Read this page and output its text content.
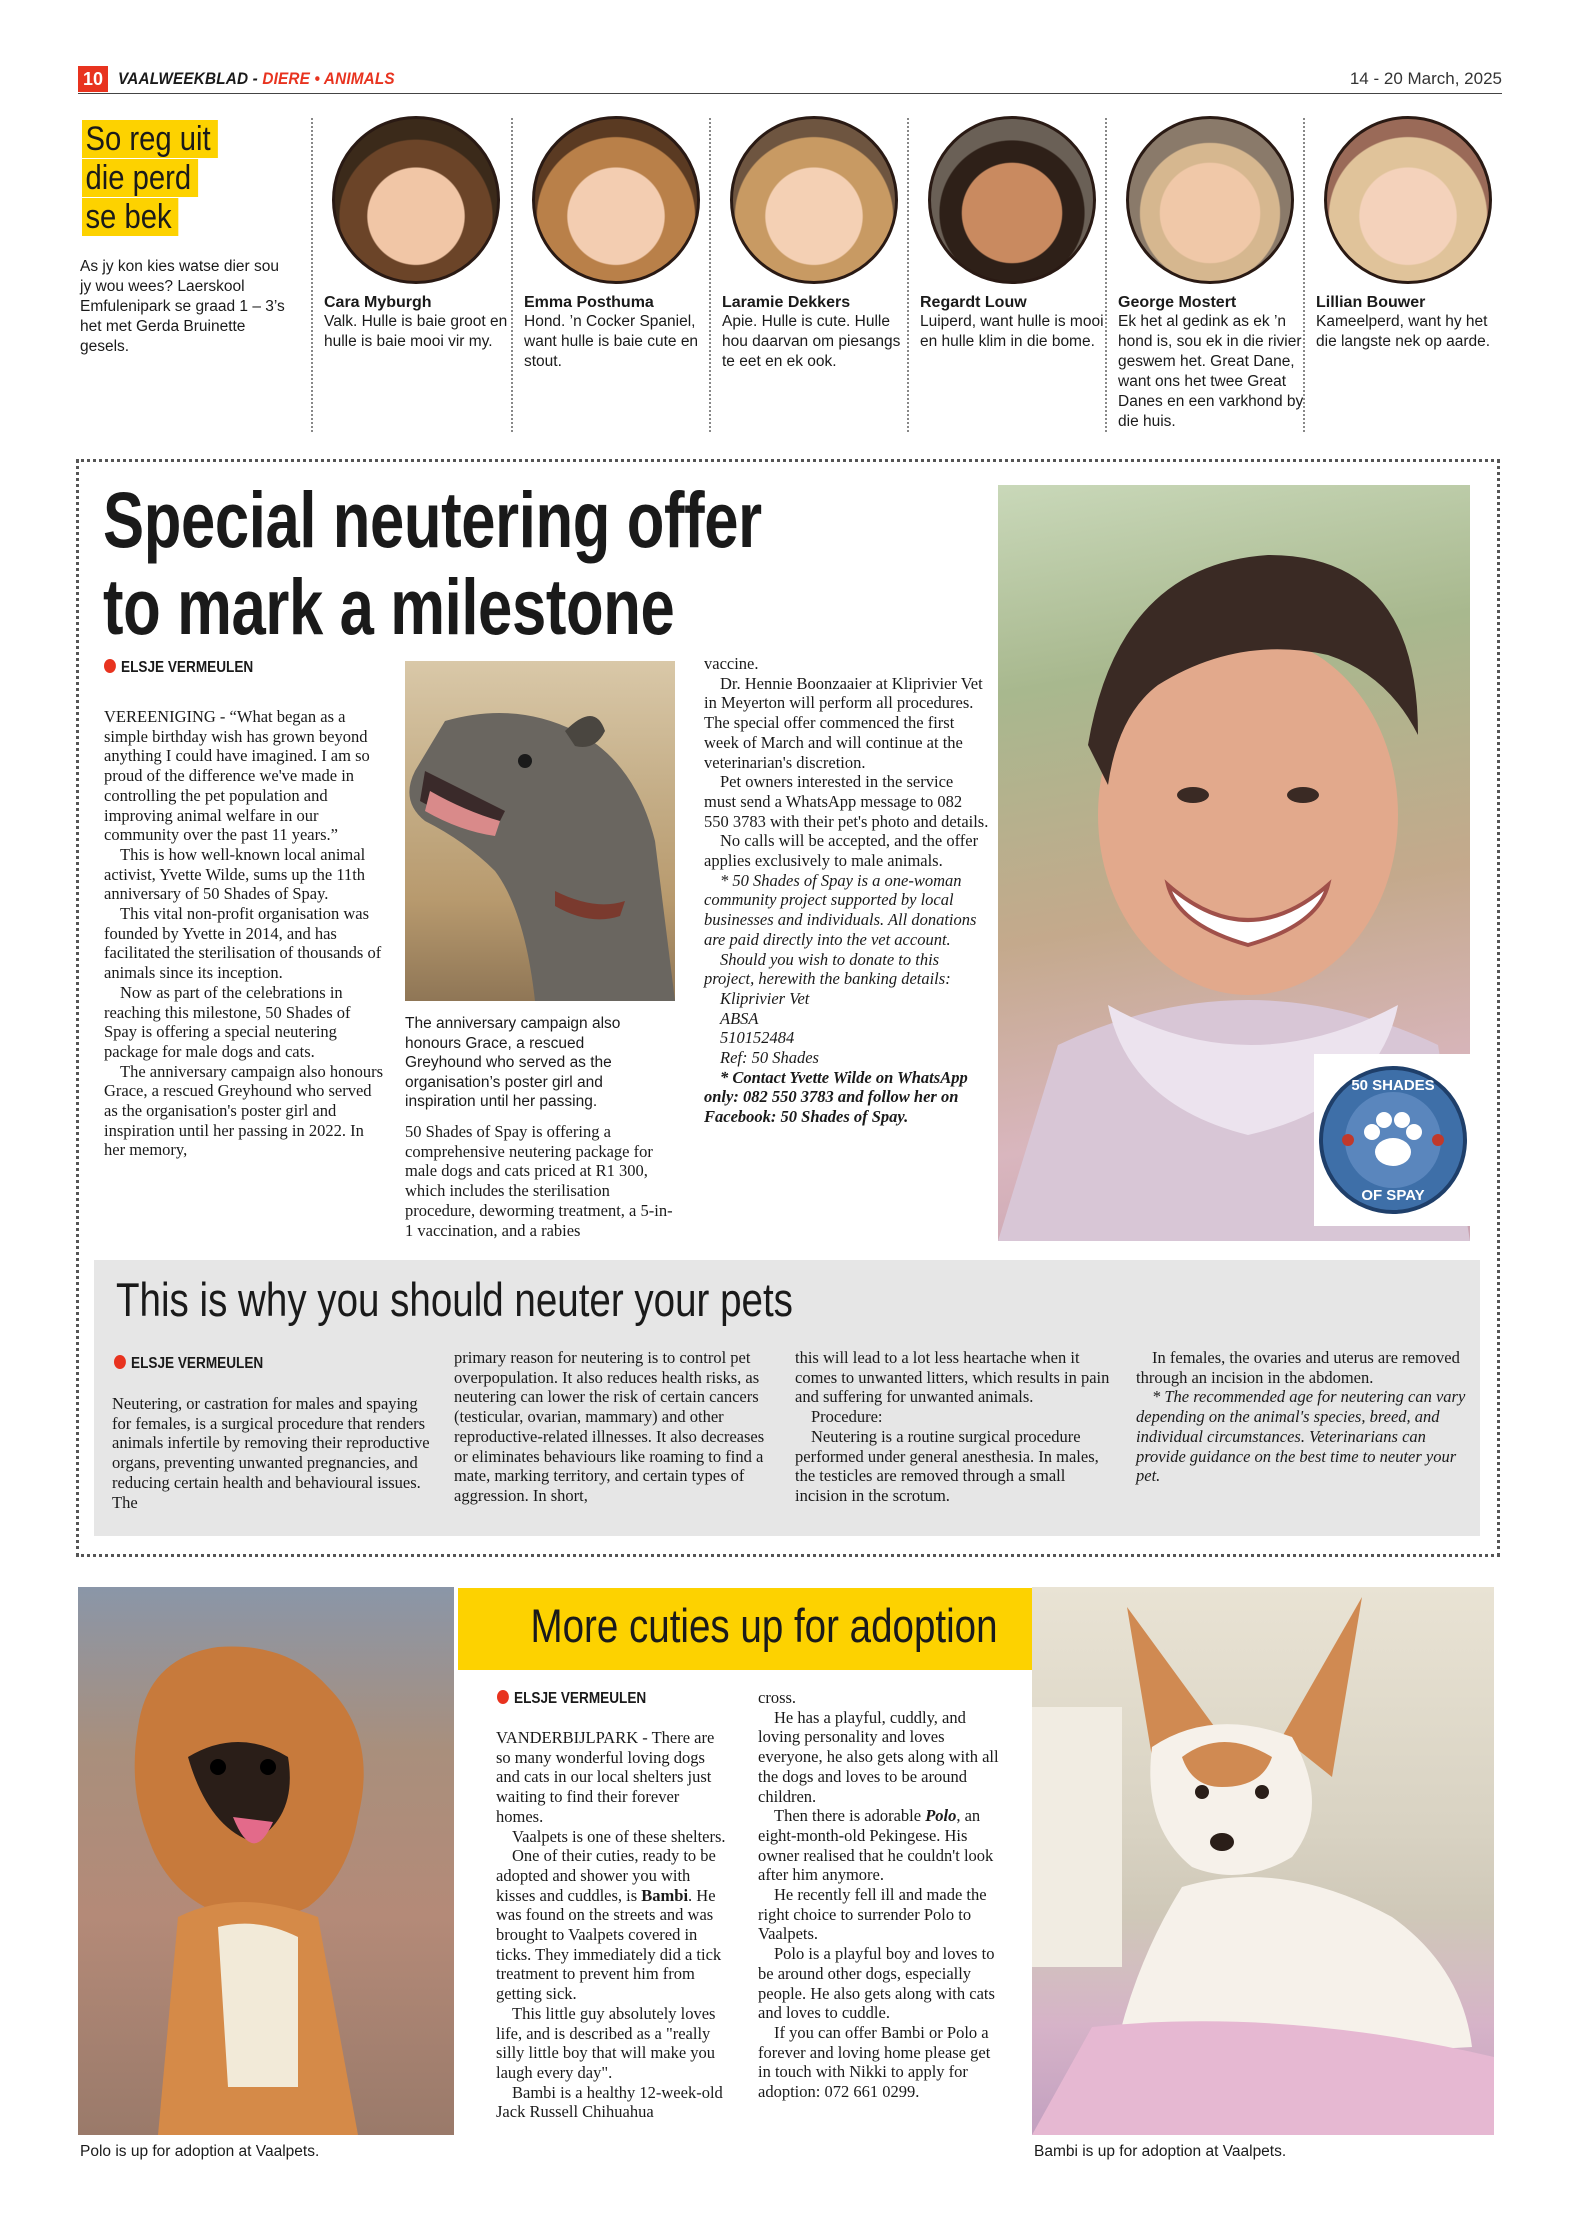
10 VAALWEEKBLAD - DIERE • ANIMALS	14 - 20 March, 2025
So reg uit
die perd
se bek
As jy kon kies watse dier sou jy wou wees? Laerskool Emfulenipark se graad 1 – 3’s het met Gerda Bruinette gesels.
Cara Myburgh
Valk. Hulle is baie groot en hulle is baie mooi vir my.
Emma Posthuma
Hond. ’n Cocker Spaniel, want hulle is baie cute en stout.
Laramie Dekkers
Apie. Hulle is cute. Hulle hou daarvan om piesangs te eet en ek ook.
Regardt Louw
Luiperd, want hulle is mooi en hulle klim in die bome.
George Mostert
Ek het al gedink as ek ’n hond is, sou ek in die rivier geswem het. Great Dane, want ons het twee Great Danes en een varkhond by die huis.
Lillian Bouwer
Kameelperd, want hy het die langste nek op aarde.
Special neutering offer to mark a milestone
ELSJE VERMEULEN

VEREENIGING - “What began as a simple birthday wish has grown beyond anything I could have imagined. I am so proud of the difference we've made in controlling the pet population and improving animal welfare in our community over the past 11 years.”

This is how well-known local animal activist, Yvette Wilde, sums up the 11th anniversary of 50 Shades of Spay.

This vital non-profit organisation was founded by Yvette in 2014, and has facilitated the sterilisation of thousands of animals since its inception.

Now as part of the celebrations in reaching this milestone, 50 Shades of Spay is offering a special neutering package for male dogs and cats.

The anniversary campaign also honours Grace, a rescued Greyhound who served as the organisation's poster girl and inspiration until her passing in 2022. In her memory,

The anniversary campaign also honours Grace, a rescued Greyhound who served as the organisation’s poster girl and inspiration until her passing.

50 Shades of Spay is offering a comprehensive neutering package for male dogs and cats priced at R1 300, which includes the sterilisation procedure, deworming treatment, a 5-in-1 vaccination, and a rabies

vaccine.

Dr. Hennie Boonzaaier at Kliprivier Vet in Meyerton will perform all procedures. The special offer commenced the first week of March and will continue at the veterinarian's discretion.

Pet owners interested in the service must send a WhatsApp message to 082 550 3783 with their pet's photo and details.

No calls will be accepted, and the offer applies exclusively to male animals.

* 50 Shades of Spay is a one-woman community project supported by local businesses and individuals. All donations are paid directly into the vet account.

Should you wish to donate to this project, herewith the banking details:

Kliprivier Vet

ABSA

510152484

Ref: 50 Shades

* Contact Yvette Wilde on WhatsApp only: 082 550 3783 and follow her on Facebook: 50 Shades of Spay.

50 SHADES
OF SPAY
This is why you should neuter your pets
ELSJE VERMEULEN

Neutering, or castration for males and spaying for females, is a surgical procedure that renders animals infertile by removing their reproductive organs, preventing unwanted pregnancies, and reducing certain health and behavioural issues. The

primary reason for neutering is to control pet overpopulation. It also reduces health risks, as neutering can lower the risk of certain cancers (testicular, ovarian, mammary) and other reproductive-related illnesses. It also decreases or eliminates behaviours like roaming to find a mate, marking territory, and certain types of aggression. In short,

this will lead to a lot less heartache when it comes to unwanted litters, which results in pain and suffering for unwanted animals.

Procedure:

Neutering is a routine surgical procedure performed under general anesthesia. In males, the testicles are removed through a small incision in the scrotum.

In females, the ovaries and uterus are removed through an incision in the abdomen.

* The recommended age for neutering can vary depending on the animal's species, breed, and individual circumstances. Veterinarians can provide guidance on the best time to neuter your pet.

Polo is up for adoption at Vaalpets.
More cuties up for adoption
ELSJE VERMEULEN

VANDERBIJLPARK - There are so many wonderful loving dogs and cats in our local shelters just waiting to find their forever homes.

Vaalpets is one of these shelters.

One of their cuties, ready to be adopted and shower you with kisses and cuddles, is Bambi. He was found on the streets and was brought to Vaalpets covered in ticks. They immediately did a tick treatment to prevent him from getting sick.

This little guy absolutely loves life, and is described as a "really silly little boy that will make you laugh every day".

Bambi is a healthy 12-week-old Jack Russell Chihuahua

cross.

He has a playful, cuddly, and loving personality and loves everyone, he also gets along with all the dogs and loves to be around children.

Then there is adorable Polo, an eight-month-old Pekingese. His owner realised that he couldn't look after him anymore.

He recently fell ill and made the right choice to surrender Polo to Vaalpets.

Polo is a playful boy and loves to be around other dogs, especially people. He also gets along with cats and loves to cuddle.

If you can offer Bambi or Polo a forever and loving home please get in touch with Nikki to apply for adoption: 072 661 0299.

Bambi is up for adoption at Vaalpets.
